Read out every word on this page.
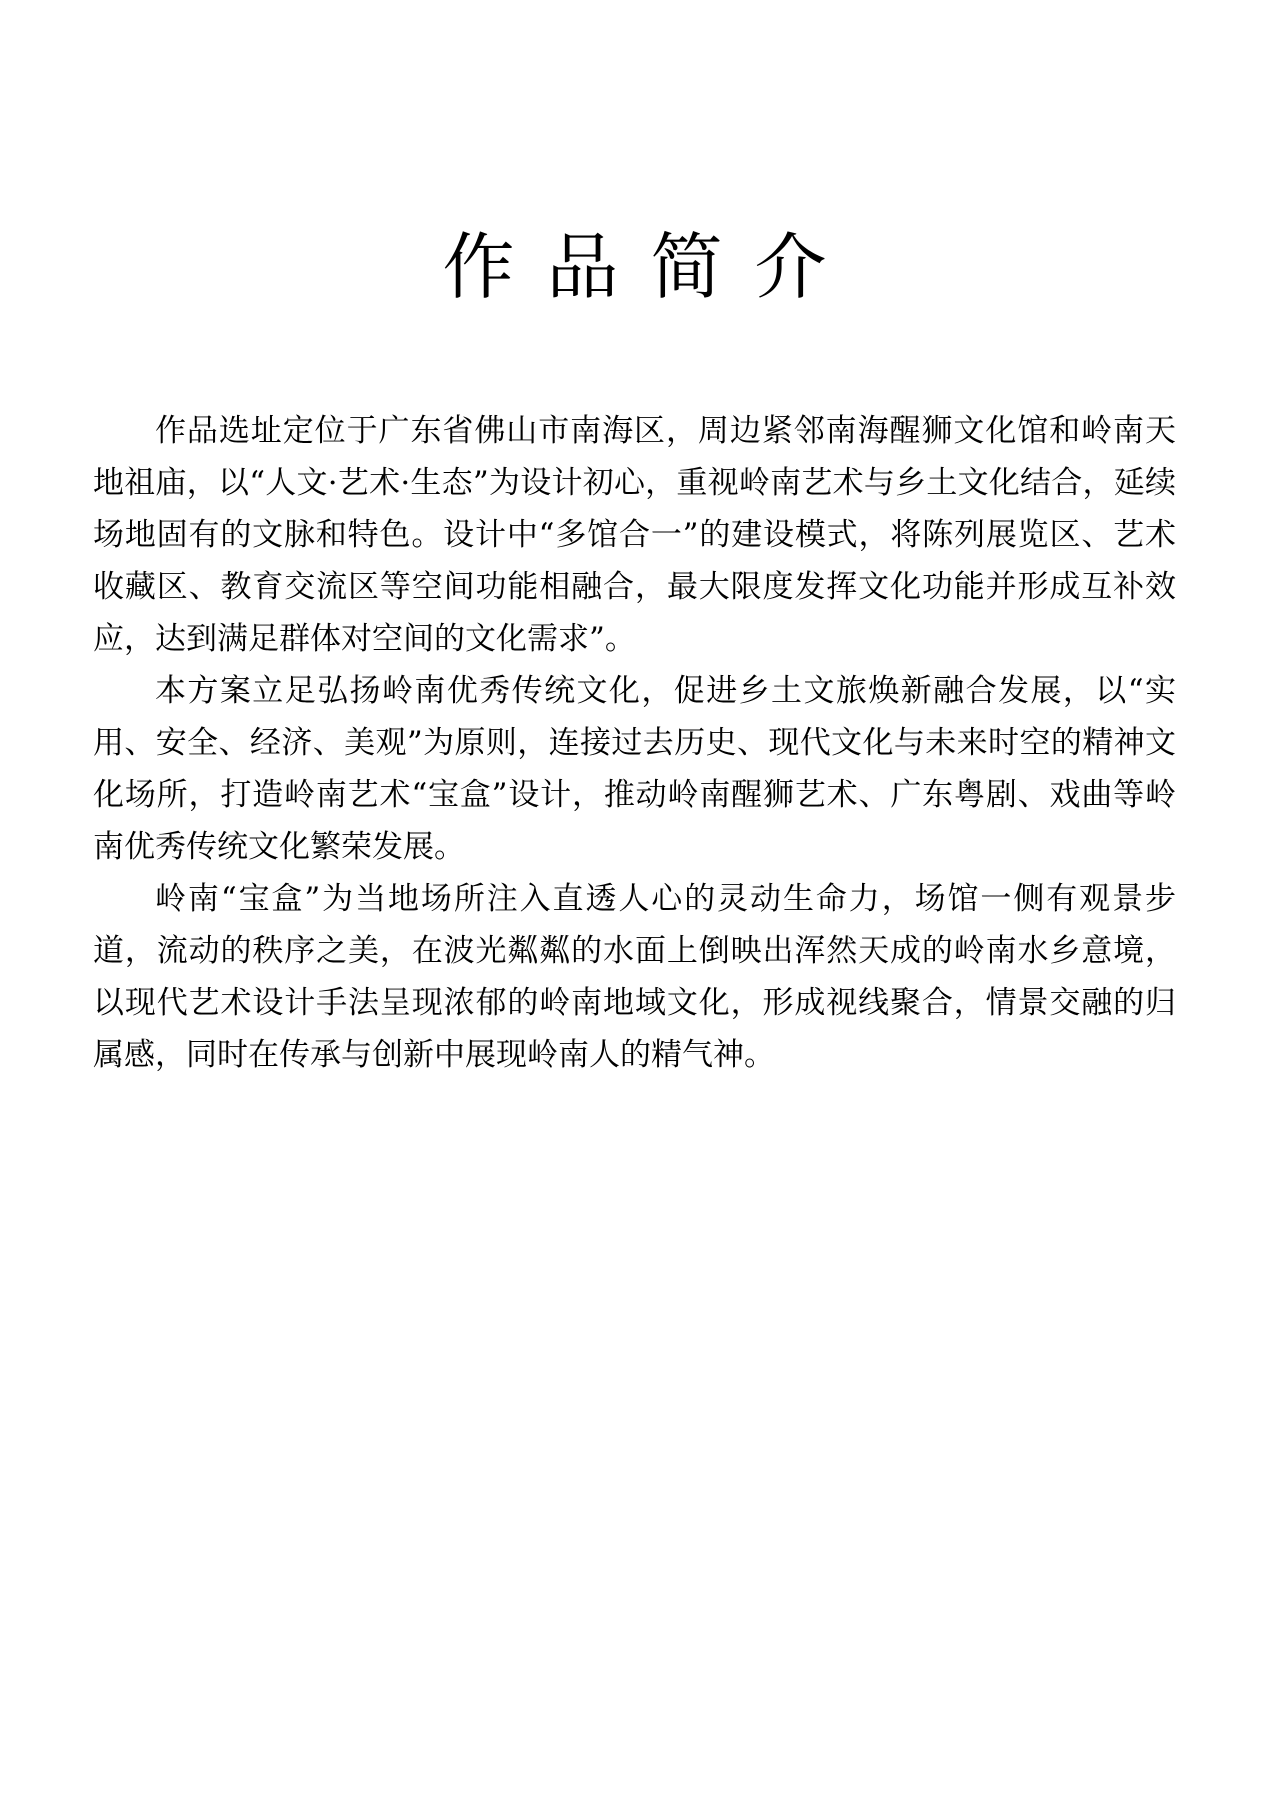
作品简介

作品选址定位于广东省佛山市南海区，周边紧邻南海醒狮文化馆和岭南天地祖庙，以“人文·艺术·生态”为设计初心，重视岭南艺术与乡土文化结合，延续场地固有的文脉和特色。设计中“多馆合一”的建设模式，将陈列展览区、艺术收藏区、教育交流区等空间功能相融合，最大限度发挥文化功能并形成互补效应，达到满足群体对空间的文化需求”。

本方案立足弘扬岭南优秀传统文化，促进乡土文旅焕新融合发展，以“实用、安全、经济、美观”为原则，连接过去历史、现代文化与未来时空的精神文化场所，打造岭南艺术“宝盒”设计，推动岭南醒狮艺术、广东粤剧、戏曲等岭南优秀传统文化繁荣发展。

岭南“宝盒”为当地场所注入直透人心的灵动生命力，场馆一侧有观景步道，流动的秩序之美，在波光粼粼的水面上倒映出浑然天成的岭南水乡意境，以现代艺术设计手法呈现浓郁的岭南地域文化，形成视线聚合，情景交融的归属感，同时在传承与创新中展现岭南人的精气神。
